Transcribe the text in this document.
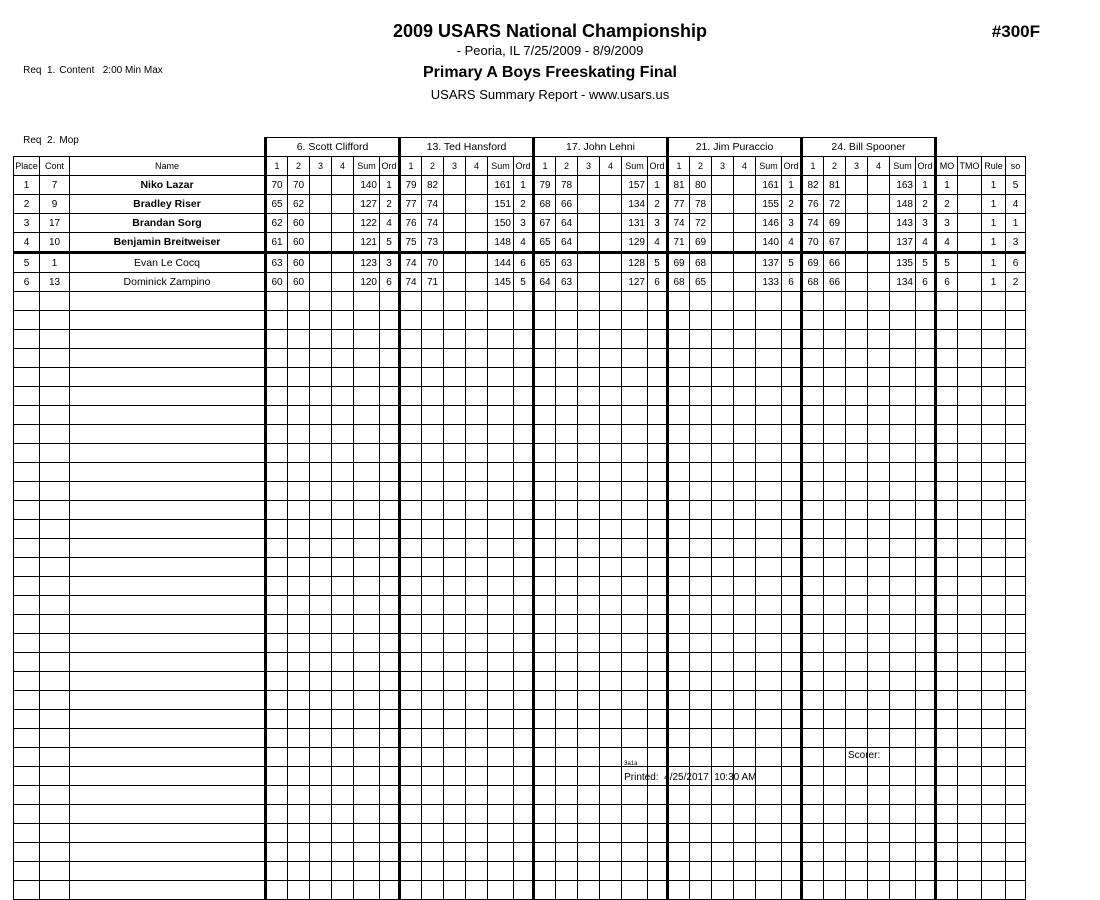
Req  1. Content   2:00 Min Max

Req  2. Mop

2009 USARS National Championship
- Peoria, IL 7/25/2009 - 8/9/2009
Primary A Boys Freeskating Final
USARS Summary Report - www.usars.us
#300F
			6. Scott Clifford						13. Ted Hansford						17. John Lehni						21. Jim Puraccio						24. Bill Spooner									
Place	Cont	Name	1	2	3	4	Sum	Ord	1	2	3	4	Sum	Ord	1	2	3	4	Sum	Ord	1	2	3	4	Sum	Ord	1	2	3	4	Sum	Ord	MO	TMO	Rule	so
1	7	Niko Lazar	70	70			140	1	79	82			161	1	79	78			157	1	81	80			161	1	82	81			163	1	1		1	5
2	9	Bradley Riser	65	62			127	2	77	74			151	2	68	66			134	2	77	78			155	2	76	72			148	2	2		1	4
3	17	Brandan Sorg	62	60			122	4	76	74			150	3	67	64			131	3	74	72			146	3	74	69			143	3	3		1	1
4	10	Benjamin Breitweiser	61	60			121	5	75	73			148	4	65	64			129	4	71	69			140	4	70	67			137	4	4		1	3
5	1	Evan Le Cocq	63	60			123	3	74	70			144	6	65	63			128	5	69	68			137	5	69	66			135	5	5		1	6
6	13	Dominick Zampino	60	60			120	6	74	71			145	5	64	63			127	6	68	65			133	6	68	66			134	6	6		1	2

$^{3a1a}$
Printed:  4/25/2017  10:30 AM

Scorer:
